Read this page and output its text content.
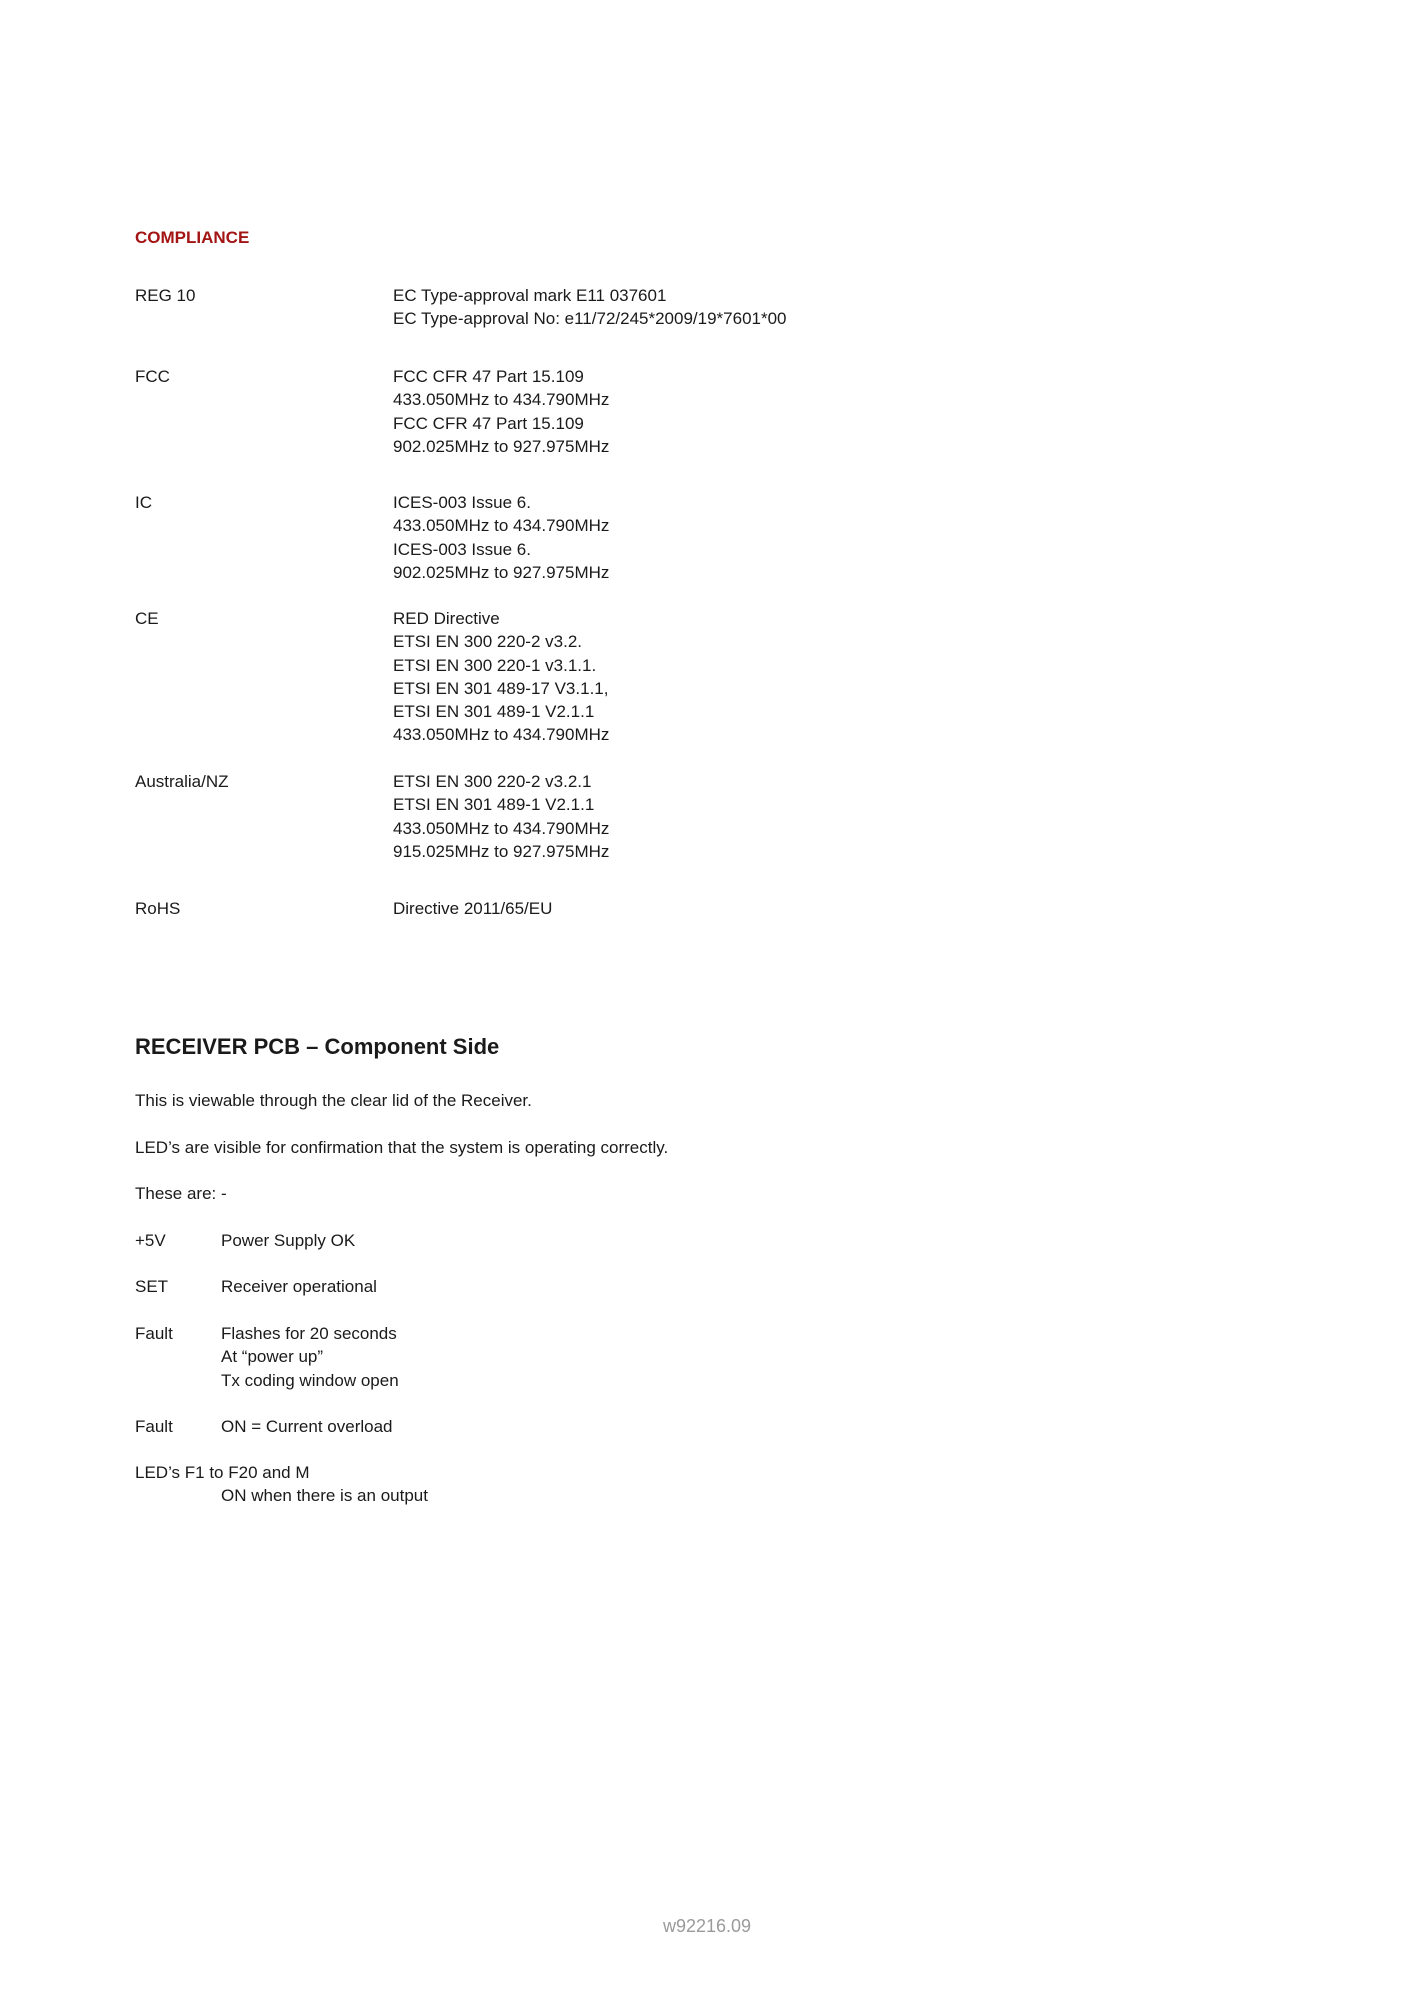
COMPLIANCE
REG 10	EC Type-approval mark E11 037601
EC Type-approval No: e11/72/245*2009/19*7601*00
FCC	FCC CFR 47 Part 15.109
433.050MHz to 434.790MHz
FCC CFR 47 Part 15.109
902.025MHz to 927.975MHz
IC	ICES-003 Issue 6.
433.050MHz to 434.790MHz
ICES-003 Issue 6.
902.025MHz to 927.975MHz
CE	RED Directive
ETSI EN 300 220-2 v3.2.
ETSI EN 300 220-1 v3.1.1.
ETSI EN 301 489-17 V3.1.1,
ETSI EN 301 489-1 V2.1.1
433.050MHz to 434.790MHz
Australia/NZ	ETSI EN 300 220-2 v3.2.1
ETSI EN 301 489-1 V2.1.1
433.050MHz to 434.790MHz
915.025MHz to 927.975MHz
RoHS	Directive 2011/65/EU
RECEIVER PCB – Component Side

This is viewable through the clear lid of the Receiver.

LED’s are visible for confirmation that the system is operating correctly.

These are: -

+5V	Power Supply OK
SET	Receiver operational
Fault	Flashes for 20 seconds
At “power up”
Tx coding window open
Fault	ON = Current overload
LED’s F1 to F20 and M
ON when there is an output
w92216.09
